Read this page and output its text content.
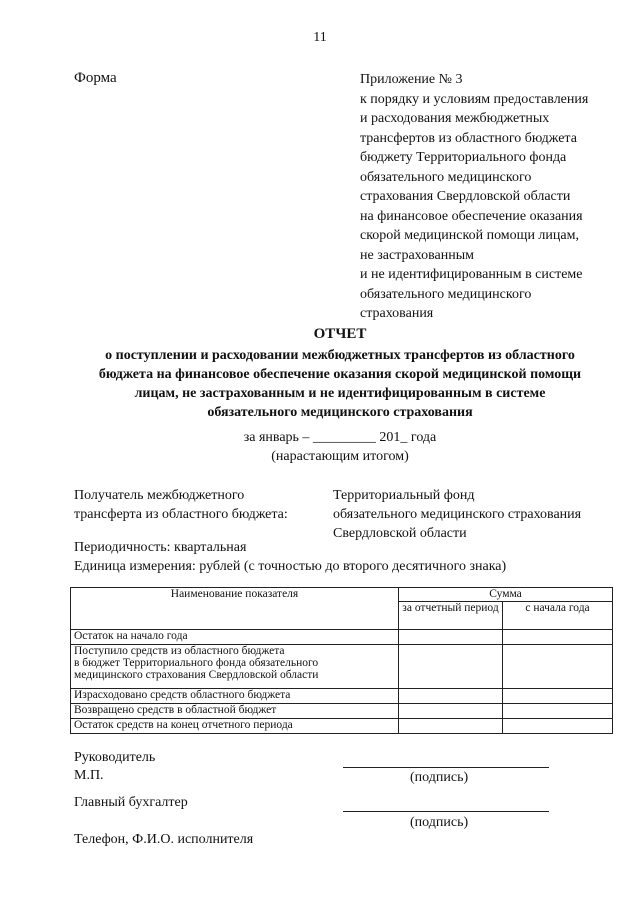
11
Форма	Приложение № 3
к порядку и условиям предоставления
и расходования межбюджетных
трансфертов из областного бюджета
бюджету Территориального фонда
обязательного медицинского
страхования Свердловской области
на финансовое обеспечение оказания
скорой медицинской помощи лицам,
не застрахованным
и не идентифицированным в системе
обязательного медицинского
страхования
ОТЧЕТ
о поступлении и расходовании межбюджетных трансфертов из областного
бюджета на финансовое обеспечение оказания скорой медицинской помощи
лицам, не застрахованным и не идентифицированным в системе
обязательного медицинского страхования
за январь – _________ 201_ года
(нарастающим итогом)
Получатель межбюджетного
трансферта из областного бюджета:
Территориальный фонд
обязательного медицинского страхования
Свердловской области
Периодичность: квартальная
Единица измерения: рублей (с точностью до второго десятичного знака)
Наименование показателя	Сумма	
	за отчетный период	с начала года

Остаток на начало года		

Поступило средств из областного бюджета
в бюджет Территориального фонда обязательного
медицинского страхования Свердловской области		

Израсходовано средств областного бюджета		

Возвращено средств в областной бюджет		

Остаток средств на конец отчетного периода		

Руководитель
М.П.	(подпись)
Главный бухгалтер
(подпись)
Телефон, Ф.И.О. исполнителя
